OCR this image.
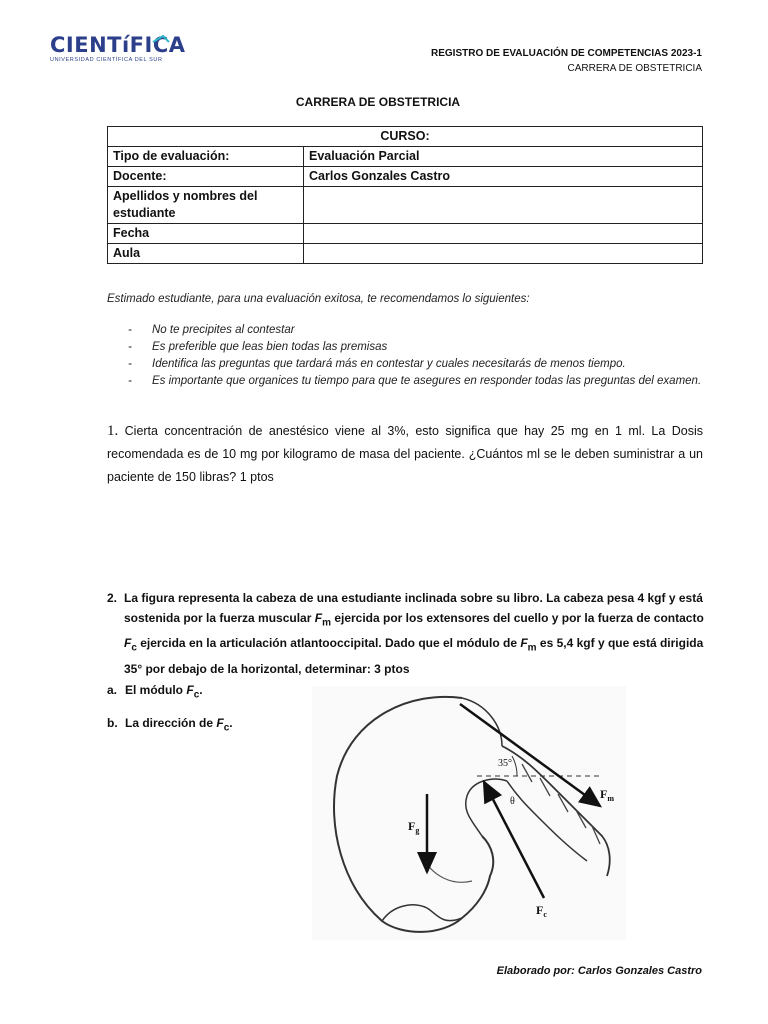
CIENTíFICA
UNIVERSIDAD CIENTÍFICA DEL SUR
REGISTRO DE EVALUACIÓN DE COMPETENCIAS 2023-1
CARRERA DE OBSTETRICIA
CARRERA DE OBSTETRICIA
CURSO:	
Tipo de evaluación:	Evaluación Parcial
Docente:	Carlos Gonzales Castro
Apellidos y nombres del estudiante	
Fecha	
Aula	
Estimado estudiante, para una evaluación exitosa, te recomendamos lo siguientes:
- No te precipites al contestar
- Es preferible que leas bien todas las premisas
- Identifica las preguntas que tardará más en contestar y cuales necesitarás de menos tiempo.
- Es importante que organices tu tiempo para que te asegures en responder todas las preguntas del examen.
1. Cierta concentración de anestésico viene al 3%, esto significa que hay 25 mg en 1 ml. La Dosis recomendada es de 10 mg por kilogramo de masa del paciente. ¿Cuántos ml se le deben suministrar a un paciente de 150 libras? 1 ptos
2. La figura representa la cabeza de una estudiante inclinada sobre su libro. La cabeza pesa 4 kgf y está sostenida por la fuerza muscular $F_m$ ejercida por los extensores del cuello y por la fuerza de contacto $F_c$ ejercida en la articulación atlantooccipital. Dado que el módulo de $F_m$ es 5,4 kgf y que está dirigida 35° por debajo de la horizontal, determinar: 3 ptos
a. El módulo $F_c$.
b. La dirección de $F_c$.
35°
θ
$F_m$
$F_g$
$F_c$
Elaborado por: Carlos Gonzales Castro
